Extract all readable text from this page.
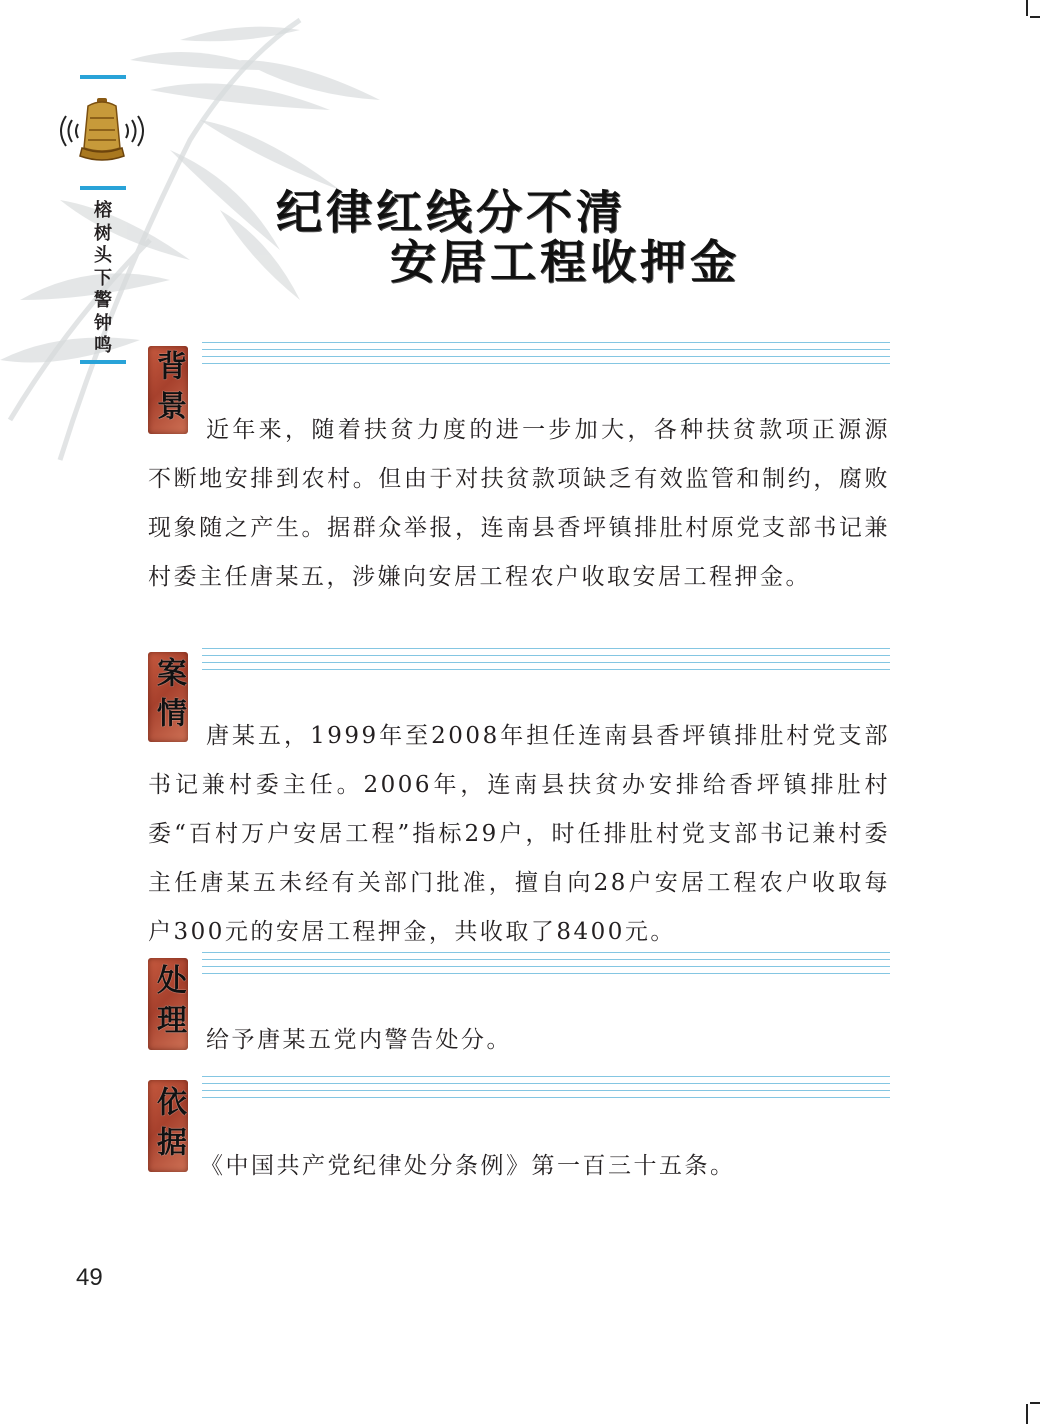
榕
树
头
下
警
钟
鸣
纪律红线分不清
安居工程收押金
背景 近年来，随着扶贫力度的进一步加大，各种扶贫款项正源源不断地安排到农村。但由于对扶贫款项缺乏有效监管和制约，腐败现象随之产生。据群众举报，连南县香坪镇排肚村原党支部书记兼村委主任唐某五，涉嫌向安居工程农户收取安居工程押金。

案情 唐某五，1999年至2008年担任连南县香坪镇排肚村党支部书记兼村委主任。2006年，连南县扶贫办安排给香坪镇排肚村委“百村万户安居工程”指标29户，时任排肚村党支部书记兼村委主任唐某五未经有关部门批准，擅自向28户安居工程农户收取每户300元的安居工程押金，共收取了8400元。

处理 给予唐某五党内警告处分。

依据 《中国共产党纪律处分条例》第一百三十五条。

49
